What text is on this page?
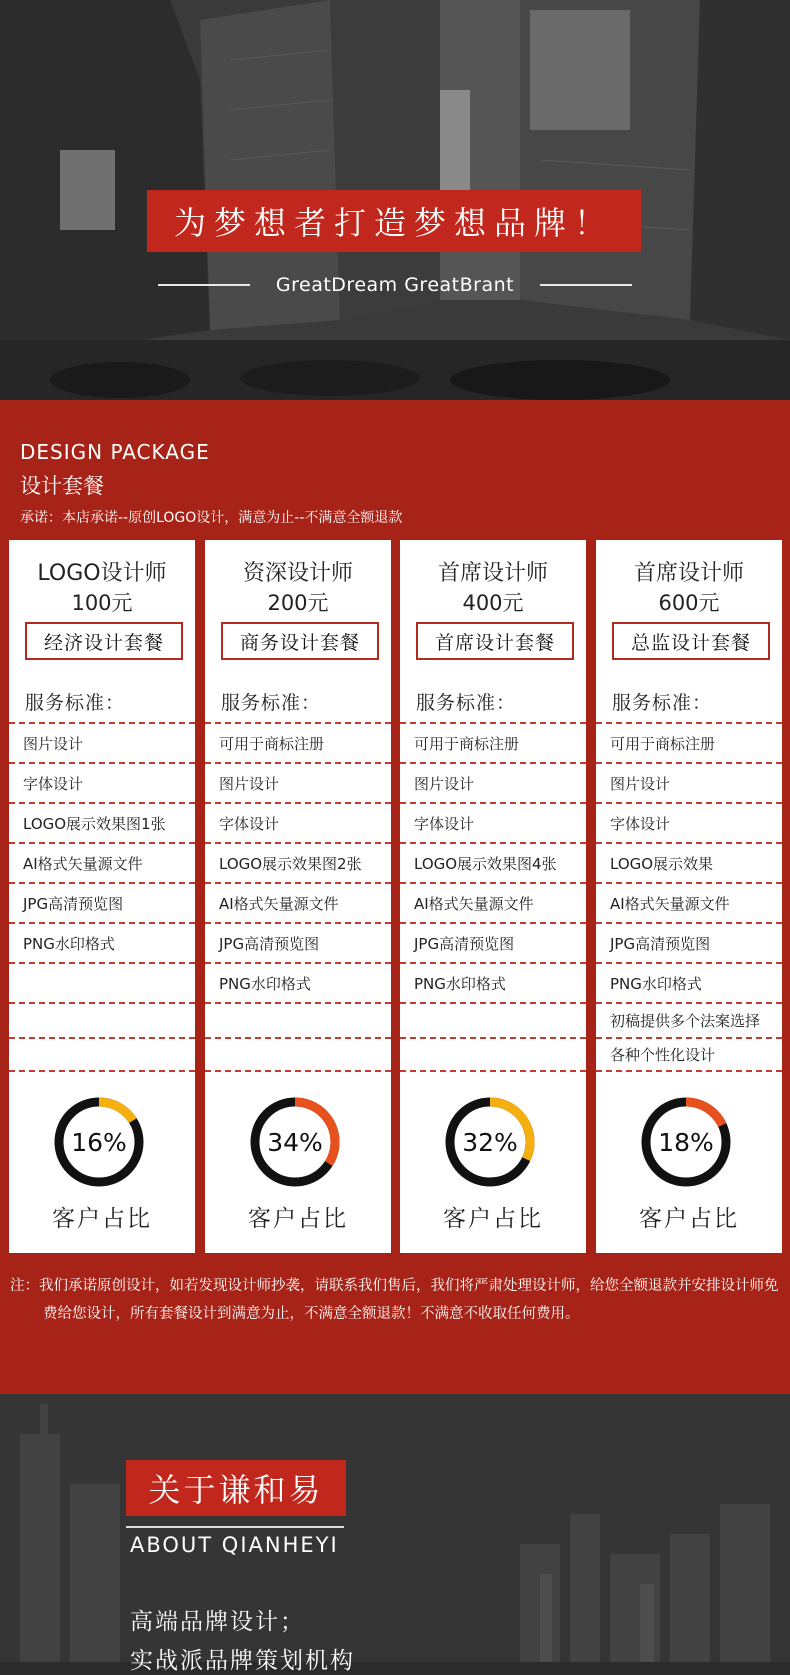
为梦想者打造梦想品牌！
GreatDream GreatBrant
DESIGN PACKAGE
设计套餐
承诺：本店承诺--原创LOGO设计，满意为止--不满意全额退款
LOGO设计师
100元
经济设计套餐
服务标准：
图片设计
字体设计
LOGO展示效果图1张
AI格式矢量源文件
JPG高清预览图
PNG水印格式
16%
客户占比
资深设计师
200元
商务设计套餐
服务标准：
可用于商标注册
图片设计
字体设计
LOGO展示效果图2张
AI格式矢量源文件
JPG高清预览图
PNG水印格式
34%
客户占比
首席设计师
400元
首席设计套餐
服务标准：
可用于商标注册
图片设计
字体设计
LOGO展示效果图4张
AI格式矢量源文件
JPG高清预览图
PNG水印格式
32%
客户占比
首席设计师
600元
总监设计套餐
服务标准：
可用于商标注册
图片设计
字体设计
LOGO展示效果
AI格式矢量源文件
JPG高清预览图
PNG水印格式
初稿提供多个法案选择
各种个性化设计
18%
客户占比
注：我们承诺原创设计，如若发现设计师抄袭，请联系我们售后，我们将严肃处理设计师，给您全额退款并安排设计师免费给您设计，所有套餐设计到满意为止，不满意全额退款！不满意不收取任何费用。
关于谦和易
ABOUT QIANHEYI
高端品牌设计；
实战派品牌策划机构
